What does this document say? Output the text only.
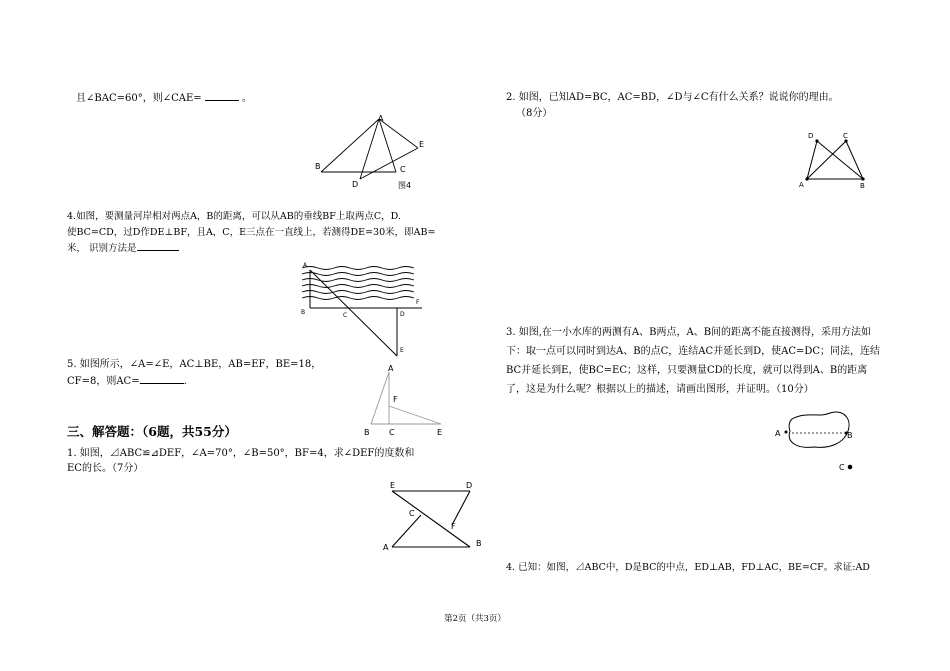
且∠BAC=60°，则∠CAE=	。
A
B	C
D
E
图4
4.如图，要测量河岸相对两点A，B的距离，可以从AB的垂线BF上取两点C，D.
使BC=CD，过D作DE⊥BF，且A，C，E三点在一直线上，若测得DE=30米，即AB=
米， 识别方法是
A
B	C	D
E
F
5. 如图所示，∠A=∠E，AC⊥BE，AB=EF，BE=18，
CF=8，则AC=	.
A
B C	E
F
三、解答题：（6题，共55分）
1. 如图，⊿ABC≌⊿DEF，∠A=70°，∠B=50°，BF=4，求∠DEF的度数和
EC的长。（7分）
E	D
C
F
A	B
2. 如图，已知AD=BC，AC=BD，∠D与∠C有什么关系？说说你的理由。
（8分）
D	C
A	B
3. 如图,在一小水库的两测有A、B两点，A、B间的距离不能直接测得，采用方法如下：取一点可以同时到达A、B的点C，连结AC并延长到D，使AC=DC；同法，连结BC并延长到E，使BC=EC；这样，只要测量CD的长度，就可以得到A、B的距离了，这是为什么呢？根据以上的描述，请画出图形，并证明。（10分）
A	B
C
4. 已知：如图，⊿ABC中，D是BC的中点，ED⊥AB，FD⊥AC，BE=CF。求证:AD
第2页（共3页）
